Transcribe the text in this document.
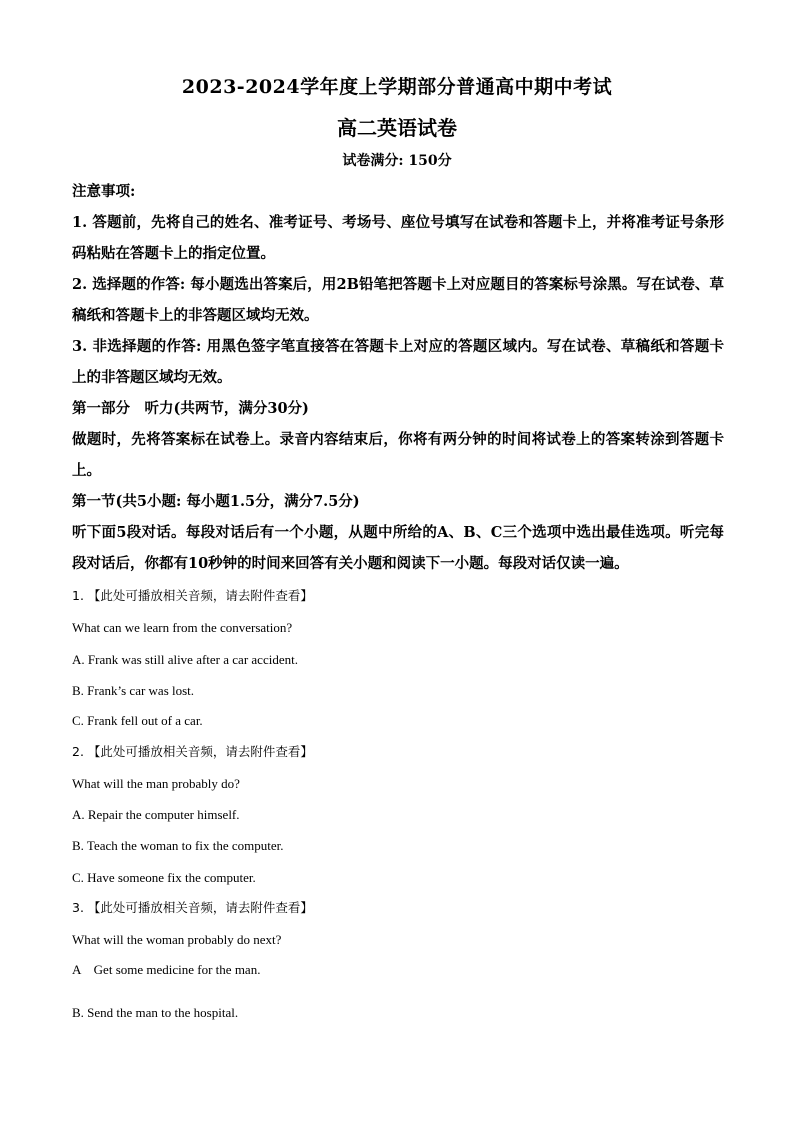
2023-2024学年度上学期部分普通高中期中考试
高二英语试卷
试卷满分: 150分
注意事项:
1. 答题前，先将自己的姓名、准考证号、考场号、座位号填写在试卷和答题卡上，并将准考证号条形码粘贴在答题卡上的指定位置。
2. 选择题的作答: 每小题选出答案后，用2B铅笔把答题卡上对应题目的答案标号涂黑。写在试卷、草稿纸和答题卡上的非答题区域均无效。
3. 非选择题的作答: 用黑色签字笔直接答在答题卡上对应的答题区域内。写在试卷、草稿纸和答题卡上的非答题区域均无效。
第一部分　听力(共两节，满分30分)
做题时，先将答案标在试卷上。录音内容结束后，你将有两分钟的时间将试卷上的答案转涂到答题卡上。
第一节(共5小题: 每小题1.5分，满分7.5分)
听下面5段对话。每段对话后有一个小题，从题中所给的A、B、C三个选项中选出最佳选项。听完每段对话后，你都有10秒钟的时间来回答有关小题和阅读下一小题。每段对话仅读一遍。
1. 【此处可播放相关音频，请去附件查看】
What can we learn from the conversation?
A. Frank was still alive after a car accident.
B. Frank’s car was lost.
C. Frank fell out of a car.
2. 【此处可播放相关音频，请去附件查看】
What will the man probably do?
A. Repair the computer himself.
B. Teach the woman to fix the computer.
C. Have someone fix the computer.
3. 【此处可播放相关音频，请去附件查看】
What will the woman probably do next?
A　Get some medicine for the man.
B. Send the man to the hospital.
